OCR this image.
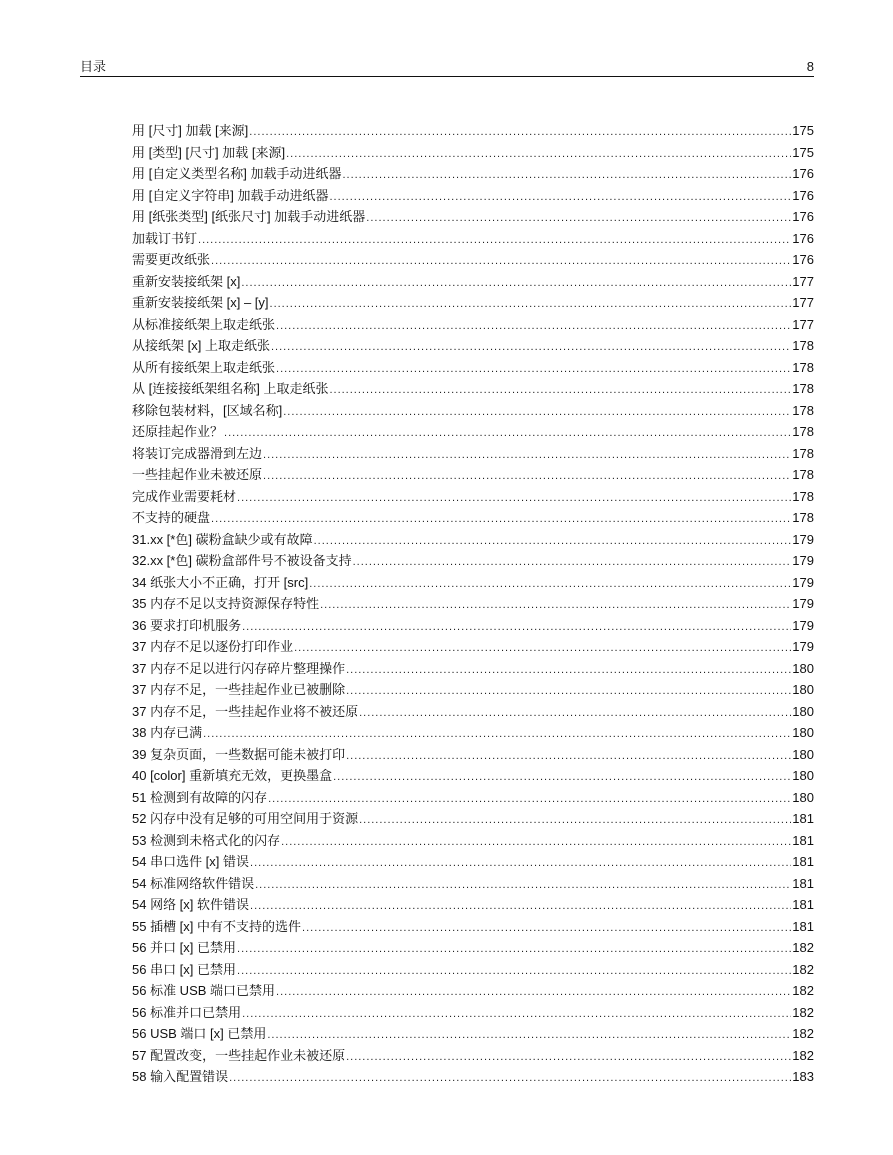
目录	8
用 [尺寸] 加载 [来源] .....	175
用 [类型] [尺寸] 加载 [来源] .....	175
用 [自定义类型名称] 加载手动进纸器 .....	176
用 [自定义字符串] 加载手动进纸器 .....	176
用 [纸张类型] [纸张尺寸] 加载手动进纸器 .....	176
加载订书钉 .....	176
需要更改纸张 .....	176
重新安装接纸架 [x] .....	177
重新安装接纸架 [x] – [y] .....	177
从标准接纸架上取走纸张 .....	177
从接纸架 [x] 上取走纸张 .....	178
从所有接纸架上取走纸张 .....	178
从 [连接接纸架组名称] 上取走纸张 .....	178
移除包装材料，[区域名称] .....	178
还原挂起作业？ .....	178
将装订完成器滑到左边 .....	178
一些挂起作业未被还原 .....	178
完成作业需要耗材 .....	178
不支持的硬盘 .....	178
31.xx [*色] 碳粉盒缺少或有故障 .....	179
32.xx [*色] 碳粉盒部件号不被设备支持 .....	179
34 纸张大小不正确，打开 [src] .....	179
35 内存不足以支持资源保存特性 .....	179
36 要求打印机服务 .....	179
37 内存不足以逐份打印作业 .....	179
37 内存不足以进行闪存碎片整理操作 .....	180
37 内存不足，一些挂起作业已被删除 .....	180
37 内存不足，一些挂起作业将不被还原 .....	180
38 内存已满 .....	180
39 复杂页面，一些数据可能未被打印 .....	180
40 [color] 重新填充无效，更换墨盒 .....	180
51 检测到有故障的闪存 .....	180
52 闪存中没有足够的可用空间用于资源 .....	181
53 检测到未格式化的闪存 .....	181
54 串口选件 [x] 错误 .....	181
54 标准网络软件错误 .....	181
54 网络 [x] 软件错误 .....	181
55 插槽 [x] 中有不支持的选件 .....	181
56 并口 [x] 已禁用 .....	182
56 串口 [x] 已禁用 .....	182
56 标准 USB 端口已禁用 .....	182
56 标准并口已禁用 .....	182
56 USB 端口 [x] 已禁用 .....	182
57 配置改变，一些挂起作业未被还原 .....	182
58 输入配置错误 .....	183
